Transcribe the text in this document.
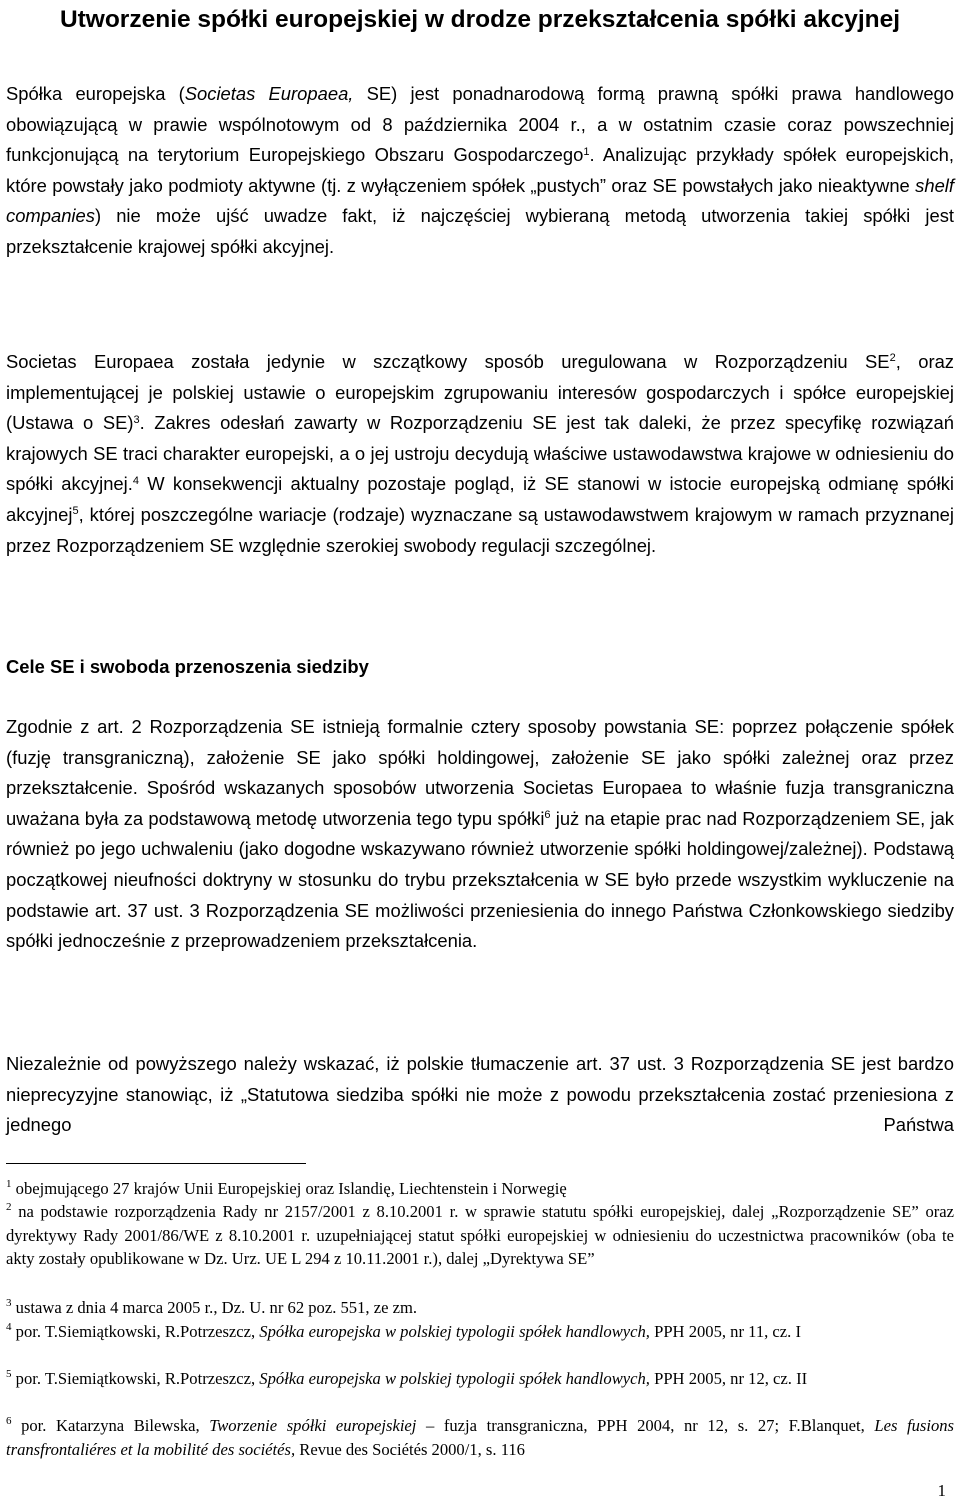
Utworzenie spółki europejskiej w drodze przekształcenia spółki akcyjnej

Spółka europejska (Societas Europaea, SE) jest ponadnarodową formą prawną spółki prawa handlowego obowiązującą w prawie wspólnotowym od 8 października 2004 r., a w ostatnim czasie coraz powszechniej funkcjonującą na terytorium Europejskiego Obszaru Gospodarczego$^1$. Analizując przykłady spółek europejskich, które powstały jako podmioty aktywne (tj. z wyłączeniem spółek „pustych” oraz SE powstałych jako nieaktywne shelf companies) nie może ujść uwadze fakt, iż najczęściej wybieraną metodą utworzenia takiej spółki jest przekształcenie krajowej spółki akcyjnej.

Societas Europaea została jedynie w szczątkowy sposób uregulowana w Rozporządzeniu $SE^2$, oraz implementującej je polskiej ustawie o europejskim zgrupowaniu interesów gospodarczych i spółce europejskiej (Ustawa o SE)$^3$. Zakres odesłań zawarty w Rozporządzeniu SE jest tak daleki, że przez specyfikę rozwiązań krajowych SE traci charakter europejski, a o jej ustroju decydują właściwe ustawodawstwa krajowe w odniesieniu do spółki akcyjnej.$^4$ W konsekwencji aktualny pozostaje pogląd, iż SE stanowi w istocie europejską odmianę spółki akcyjnej$^5$, której poszczególne wariacje (rodzaje) wyznaczane są ustawodawstwem krajowym w ramach przyznanej przez Rozporządzeniem SE względnie szerokiej swobody regulacji szczególnej.

Cele SE i swoboda przenoszenia siedziby

Zgodnie z art. 2 Rozporządzenia SE istnieją formalnie cztery sposoby powstania SE: poprzez połączenie spółek (fuzję transgraniczną), założenie SE jako spółki holdingowej, założenie SE jako spółki zależnej oraz przez przekształcenie. Spośród wskazanych sposobów utworzenia Societas Europaea to właśnie fuzja transgraniczna uważana była za podstawową metodę utworzenia tego typu spółki$^6$ już na etapie prac nad Rozporządzeniem SE, jak również po jego uchwaleniu (jako dogodne wskazywano również utworzenie spółki holdingowej/zależnej). Podstawą początkowej nieufności doktryny w stosunku do trybu przekształcenia w SE było przede wszystkim wykluczenie na podstawie art. 37 ust. 3 Rozporządzenia SE możliwości przeniesienia do innego Państwa Członkowskiego siedziby spółki jednocześnie z przeprowadzeniem przekształcenia.

Niezależnie od powyższego należy wskazać, iż polskie tłumaczenie art. 37 ust. 3 Rozporządzenia SE jest bardzo nieprecyzyjne stanowiąc, iż „Statutowa siedziba spółki nie może z powodu przekształcenia zostać przeniesiona z jednego Państwa

$^1$ obejmującego 27 krajów Unii Europejskiej oraz Islandię, Liechtenstein i Norwegię

$^2$ na podstawie rozporządzenia Rady nr 2157/2001 z 8.10.2001 r. w sprawie statutu spółki europejskiej, dalej „Rozporządzenie SE” oraz dyrektywy Rady 2001/86/WE z 8.10.2001 r. uzupełniającej statut spółki europejskiej w odniesieniu do uczestnictwa pracowników (oba te akty zostały opublikowane w Dz. Urz. UE L 294 z 10.11.2001 r.), dalej „Dyrektywa SE”

$^3$ ustawa z dnia 4 marca 2005 r., Dz. U. nr 62 poz. 551, ze zm.

$^4$ por. T.Siemiątkowski, R.Potrzeszcz, Spółka europejska w polskiej typologii spółek handlowych, PPH 2005, nr 11, cz. I

$^5$ por. T.Siemiątkowski, R.Potrzeszcz, Spółka europejska w polskiej typologii spółek handlowych, PPH 2005, nr 12, cz. II

$^6$ por. Katarzyna Bilewska, Tworzenie spółki europejskiej – fuzja transgraniczna, PPH 2004, nr 12, s. 27; F.Blanquet, Les fusions transfrontaliéres et la mobilité des sociétés, Revue des Sociétés 2000/1, s. 116

1
